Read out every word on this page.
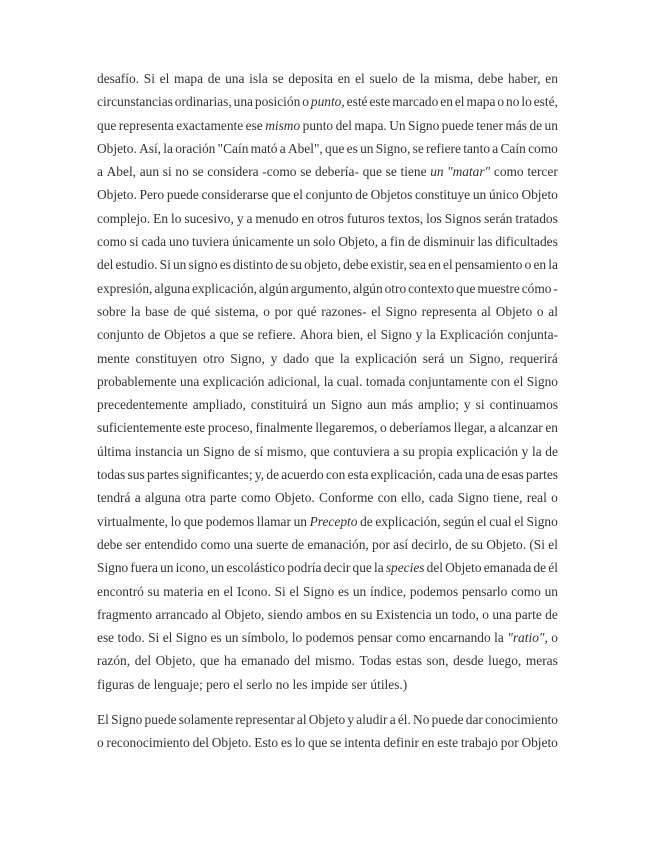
desafío. Si el mapa de una isla se deposita en el suelo de la misma, debe haber, en
circunstancias ordinarias, una posición o punto, esté este marcado en el mapa o no lo esté,
que representa exactamente ese mismo punto del mapa. Un Signo puede tener más de un
Objeto. Así, la oración "Caín mató a Abel", que es un Signo, se refiere tanto a Caín como
a Abel, aun si no se considera -como se debería- que se tiene un "matar" como tercer
Objeto. Pero puede considerarse que el conjunto de Objetos constituye un único Objeto
complejo. En lo sucesivo, y a menudo en otros futuros textos, los Signos serán tratados
como si cada uno tuviera únicamente un solo Objeto, a fin de disminuir las dificultades
del estudio. Si un signo es distinto de su objeto, debe existir, sea en el pensamiento o en la
expresión, alguna explicación, algún argumento, algún otro contexto que muestre cómo -
sobre la base de qué sistema, o por qué razones- el Signo representa al Objeto o al
conjunto de Objetos a que se refiere. Ahora bien, el Signo y la Explicación conjunta-
mente constituyen otro Signo, y dado que la explicación será un Signo, requerirá
probablemente una explicación adicional, la cual. tomada conjuntamente con el Signo
precedentemente ampliado, constituirá un Signo aun más amplio; y si continuamos
suficientemente este proceso, finalmente llegaremos, o deberíamos llegar, a alcanzar en
última instancia un Signo de sí mismo, que contuviera a su propia explicación y la de
todas sus partes significantes; y, de acuerdo con esta explicación, cada una de esas partes
tendrá a alguna otra parte como Objeto. Conforme con ello, cada Signo tiene, real o
virtualmente, lo que podemos llamar un Precepto de explicación, según el cual el Signo
debe ser entendido como una suerte de emanación, por así decirlo, de su Objeto. (Si el
Signo fuera un icono, un escolástico podría decir que la species del Objeto emanada de él
encontró su materia en el Icono. Si el Signo es un índice, podemos pensarlo como un
fragmento arrancado al Objeto, siendo ambos en su Existencia un todo, o una parte de
ese todo. Si el Signo es un símbolo, lo podemos pensar como encarnando la "ratio", o
razón, del Objeto, que ha emanado del mismo. Todas estas son, desde luego, meras
figuras de lenguaje; pero el serlo no les impide ser útiles.)
El Signo puede solamente representar al Objeto y aludir a él. No puede dar conocimiento
o reconocimiento del Objeto. Esto es lo que se intenta definir en este trabajo por Objeto
